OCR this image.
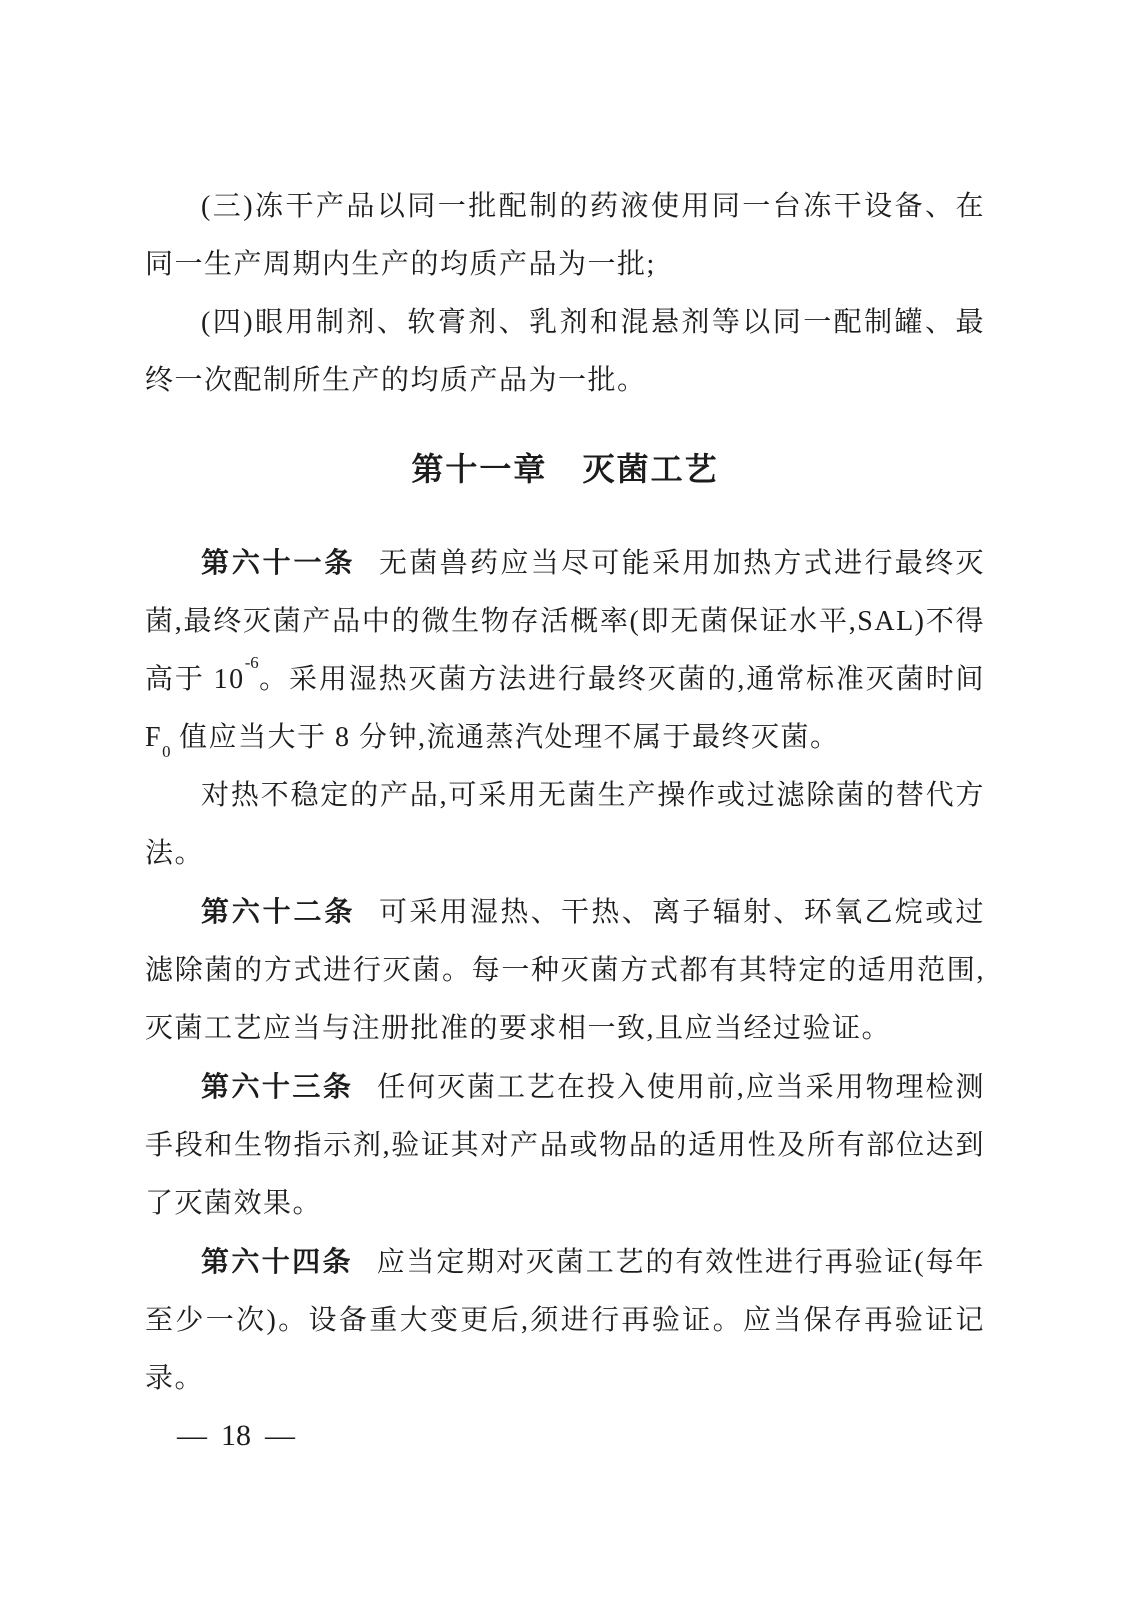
(三)冻干产品以同一批配制的药液使用同一台冻干设备、在同一生产周期内生产的均质产品为一批;

(四)眼用制剂、软膏剂、乳剂和混悬剂等以同一配制罐、最终一次配制所生产的均质产品为一批。

第十一章 灭菌工艺

第六十一条 无菌兽药应当尽可能采用加热方式进行最终灭菌,最终灭菌产品中的微生物存活概率(即无菌保证水平,SAL)不得高于 $10^{-6}$。采用湿热灭菌方法进行最终灭菌的,通常标准灭菌时间 $F_0$ 值应当大于 8 分钟,流通蒸汽处理不属于最终灭菌。

对热不稳定的产品,可采用无菌生产操作或过滤除菌的替代方法。

第六十二条 可采用湿热、干热、离子辐射、环氧乙烷或过滤除菌的方式进行灭菌。每一种灭菌方式都有其特定的适用范围,灭菌工艺应当与注册批准的要求相一致,且应当经过验证。

第六十三条 任何灭菌工艺在投入使用前,应当采用物理检测手段和生物指示剂,验证其对产品或物品的适用性及所有部位达到了灭菌效果。

第六十四条 应当定期对灭菌工艺的有效性进行再验证(每年至少一次)。设备重大变更后,须进行再验证。应当保存再验证记录。

— 18 —
